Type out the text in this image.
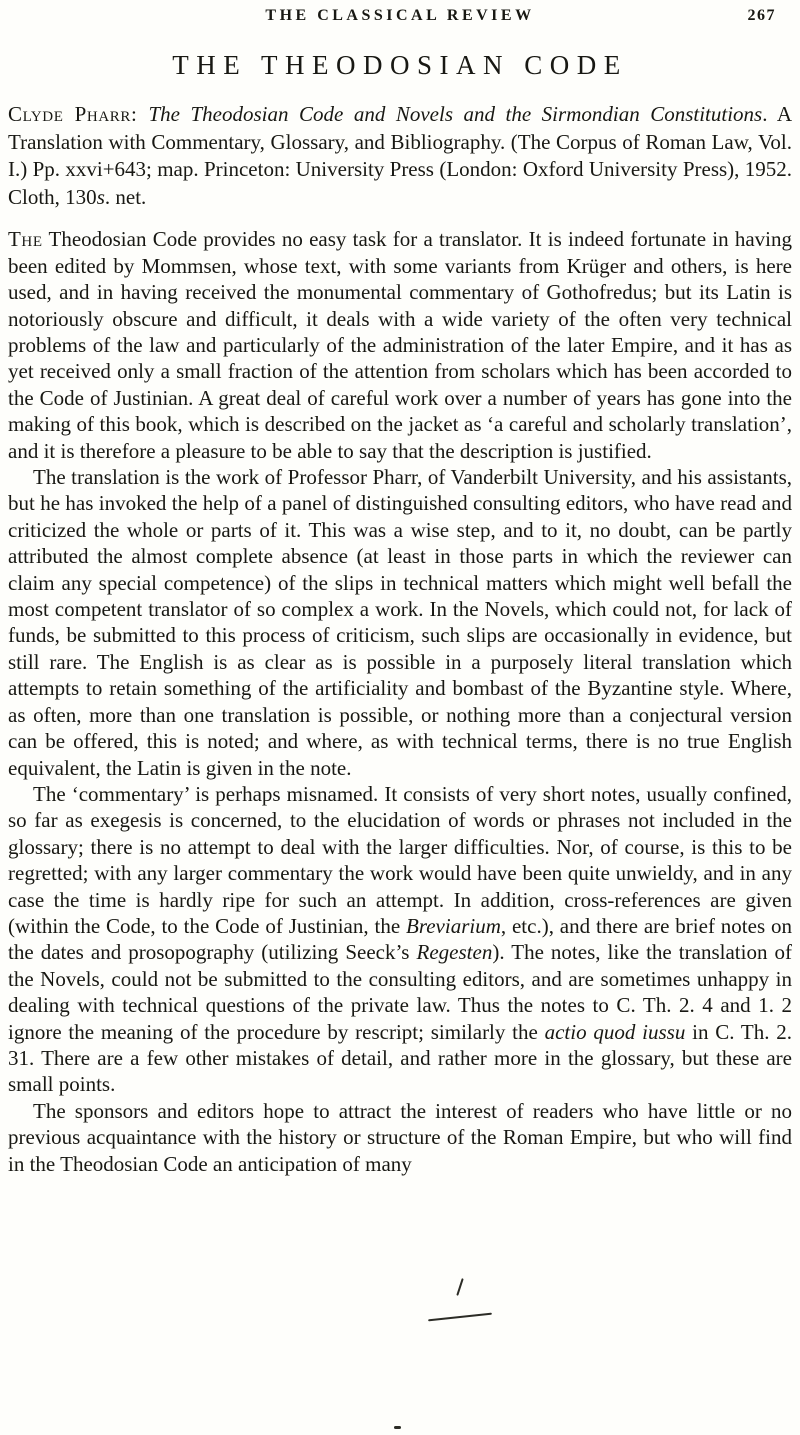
THE CLASSICAL REVIEW	267
THE THEODOSIAN CODE

Clyde Pharr: The Theodosian Code and Novels and the Sirmondian Constitutions. A Translation with Commentary, Glossary, and Bibliography. (The Corpus of Roman Law, Vol. I.) Pp. xxvi+643; map. Princeton: University Press (London: Oxford University Press), 1952. Cloth, 130s. net.

The Theodosian Code provides no easy task for a translator. It is indeed fortunate in having been edited by Mommsen, whose text, with some variants from Krüger and others, is here used, and in having received the monumental commentary of Gothofredus; but its Latin is notoriously obscure and difficult, it deals with a wide variety of the often very technical problems of the law and particularly of the administration of the later Empire, and it has as yet received only a small fraction of the attention from scholars which has been accorded to the Code of Justinian. A great deal of careful work over a number of years has gone into the making of this book, which is described on the jacket as ‘a careful and scholarly translation’, and it is therefore a pleasure to be able to say that the description is justified.

The translation is the work of Professor Pharr, of Vanderbilt University, and his assistants, but he has invoked the help of a panel of distinguished consulting editors, who have read and criticized the whole or parts of it. This was a wise step, and to it, no doubt, can be partly attributed the almost complete absence (at least in those parts in which the reviewer can claim any special competence) of the slips in technical matters which might well befall the most competent translator of so complex a work. In the Novels, which could not, for lack of funds, be submitted to this process of criticism, such slips are occasionally in evidence, but still rare. The English is as clear as is possible in a purposely literal translation which attempts to retain something of the artificiality and bombast of the Byzantine style. Where, as often, more than one translation is possible, or nothing more than a conjectural version can be offered, this is noted; and where, as with technical terms, there is no true English equivalent, the Latin is given in the note.

The ‘commentary’ is perhaps misnamed. It consists of very short notes, usually confined, so far as exegesis is concerned, to the elucidation of words or phrases not included in the glossary; there is no attempt to deal with the larger difficulties. Nor, of course, is this to be regretted; with any larger commentary the work would have been quite unwieldy, and in any case the time is hardly ripe for such an attempt. In addition, cross-references are given (within the Code, to the Code of Justinian, the Breviarium, etc.), and there are brief notes on the dates and prosopography (utilizing Seeck’s Regesten). The notes, like the translation of the Novels, could not be submitted to the consulting editors, and are sometimes unhappy in dealing with technical questions of the private law. Thus the notes to C. Th. 2. 4 and 1. 2 ignore the meaning of the procedure by rescript; similarly the actio quod iussu in C. Th. 2. 31. There are a few other mistakes of detail, and rather more in the glossary, but these are small points.

The sponsors and editors hope to attract the interest of readers who have little or no previous acquaintance with the history or structure of the Roman Empire, but who will find in the Theodosian Code an anticipation of many
